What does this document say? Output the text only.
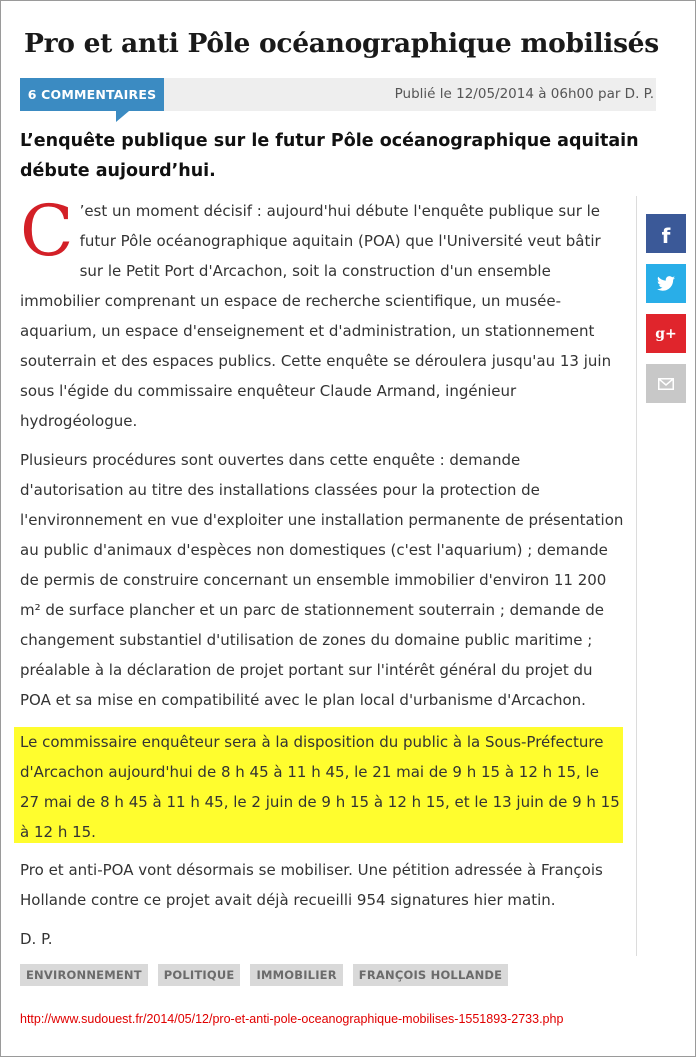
Pro et anti Pôle océanographique mobilisés
6 COMMENTAIRES	Publié le 12/05/2014 à 06h00 par D. P.
L’enquête publique sur le futur Pôle océanographique aquitain débute aujourd’hui.

C ’est un moment décisif : aujourd'hui débute l'enquête publique sur le futur Pôle océanographique aquitain (POA) que l'Université veut bâtir sur le Petit Port d'Arcachon, soit la construction d'un ensemble immobilier comprenant un espace de recherche scientifique, un musée-aquarium, un espace d'enseignement et d'administration, un stationnement souterrain et des espaces publics. Cette enquête se déroulera jusqu'au 13 juin sous l'égide du commissaire enquêteur Claude Armand, ingénieur hydrogéologue.

Plusieurs procédures sont ouvertes dans cette enquête : demande d'autorisation au titre des installations classées pour la protection de l'environnement en vue d'exploiter une installation permanente de présentation au public d'animaux d'espèces non domestiques (c'est l'aquarium) ; demande de permis de construire concernant un ensemble immobilier d'environ 11 200 m² de surface plancher et un parc de stationnement souterrain ; demande de changement substantiel d'utilisation de zones du domaine public maritime ; préalable à la déclaration de projet portant sur l'intérêt général du projet du POA et sa mise en compatibilité avec le plan local d'urbanisme d'Arcachon.

Le commissaire enquêteur sera à la disposition du public à la Sous-Préfecture d'Arcachon aujourd'hui de 8 h 45 à 11 h 45, le 21 mai de 9 h 15 à 12 h 15, le 27 mai de 8 h 45 à 11 h 45, le 2 juin de 9 h 15 à 12 h 15, et le 13 juin de 9 h 15 à 12 h 15.

Pro et anti-POA vont désormais se mobiliser. Une pétition adressée à François Hollande contre ce projet avait déjà recueilli 954 signatures hier matin.

D. P.

f
g+
ENVIRONNEMENT	POLITIQUE	IMMOBILIER	FRANÇOIS HOLLANDE
http://www.sudouest.fr/2014/05/12/pro-et-anti-pole-oceanographique-mobilises-1551893-2733.php
